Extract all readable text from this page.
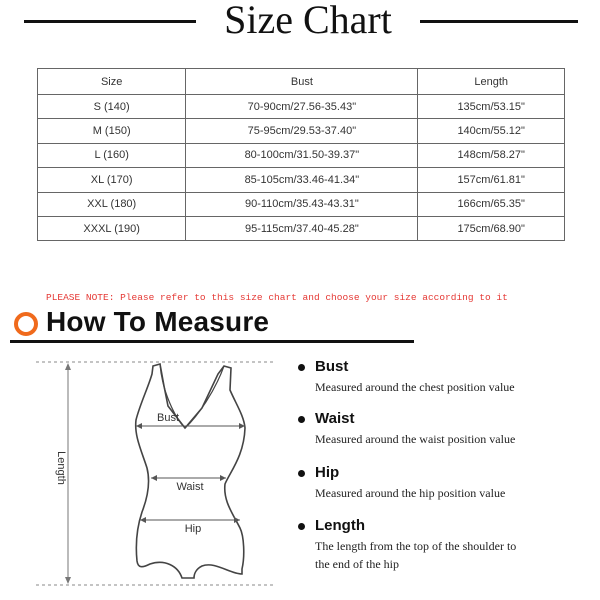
Size Chart
Size	Bust	Length
S (140)	70-90cm/27.56-35.43"	135cm/53.15"
M (150)	75-95cm/29.53-37.40"	140cm/55.12"
L (160)	80-100cm/31.50-39.37"	148cm/58.27"
XL (170)	85-105cm/33.46-41.34"	157cm/61.81"
XXL (180)	90-110cm/35.43-43.31"	166cm/65.35"
XXXL (190)	95-115cm/37.40-45.28"	175cm/68.90"
PLEASE NOTE: Please refer to this size chart and choose your size according to it
How To Measure
Length
Bust
Waist
Hip
Bust
Measured around the chest position value
Waist
Measured around the waist position value
Hip
Measured around the hip position value
Length
The length from the top of the shoulder to
the end of the hip
